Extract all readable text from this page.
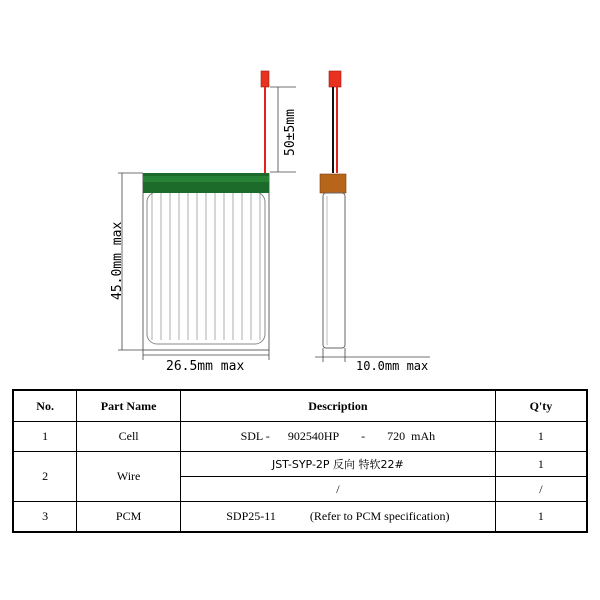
50±5mm
45.0mm max
26.5mm max	10.0mm max
No.	Part Name	Description	Q'ty
1	Cell	SDL - 902540HP - 720  mAh	1
2	Wire	JST-SYP-2P 反向 特软22#	1
		/	/
3	PCM	SDP25-11 (Refer to PCM specification)	1
